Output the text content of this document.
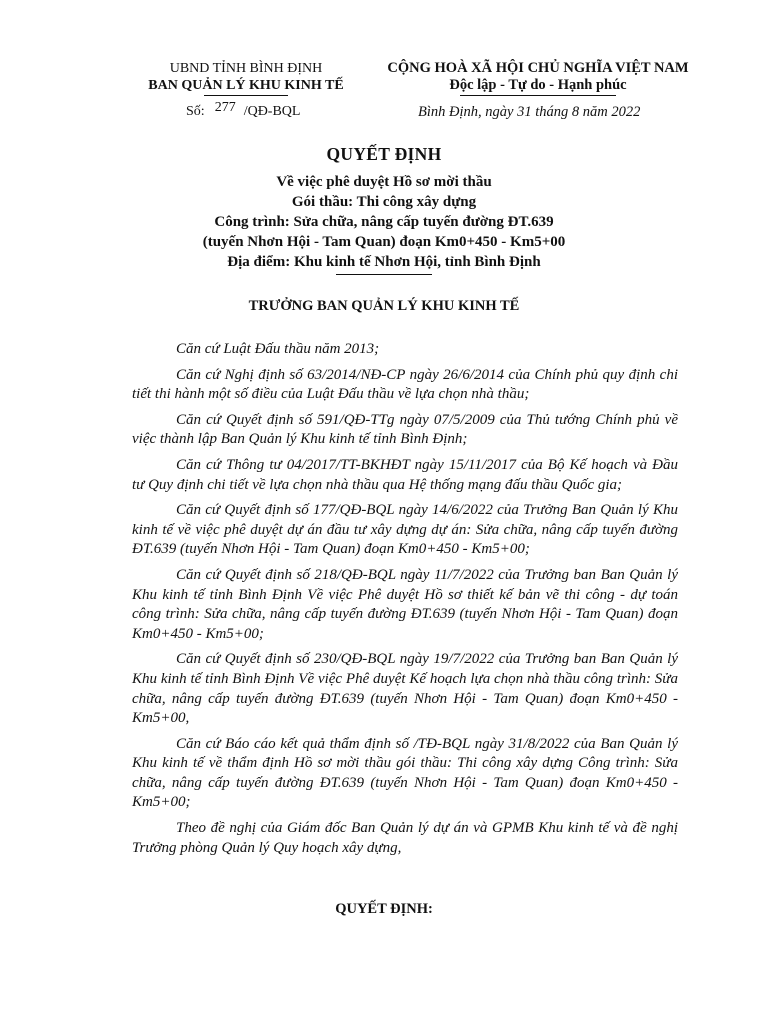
UBND TỈNH BÌNH ĐỊNH
BAN QUẢN LÝ KHU KINH TẾ
CỘNG HOÀ XÃ HỘI CHỦ NGHĨA VIỆT NAM
Độc lập - Tự do - Hạnh phúc
Số: 277 /QĐ-BQL	Bình Định, ngày 31 tháng 8 năm 2022
QUYẾT ĐỊNH
Về việc phê duyệt Hồ sơ mời thầu
Gói thầu: Thi công xây dựng
Công trình: Sửa chữa, nâng cấp tuyến đường ĐT.639
(tuyến Nhơn Hội - Tam Quan) đoạn Km0+450 - Km5+00
Địa điểm: Khu kinh tế Nhơn Hội, tỉnh Bình Định
TRƯỞNG BAN QUẢN LÝ KHU KINH TẾ

Căn cứ Luật Đấu thầu năm 2013;

Căn cứ Nghị định số 63/2014/NĐ-CP ngày 26/6/2014 của Chính phủ quy định chi tiết thi hành một số điều của Luật Đấu thầu về lựa chọn nhà thầu;

Căn cứ Quyết định số 591/QĐ-TTg ngày 07/5/2009 của Thủ tướng Chính phủ về việc thành lập Ban Quản lý Khu kinh tế tỉnh Bình Định;

Căn cứ Thông tư 04/2017/TT-BKHĐT ngày 15/11/2017 của Bộ Kế hoạch và Đầu tư Quy định chi tiết về lựa chọn nhà thầu qua Hệ thống mạng đấu thầu Quốc gia;

Căn cứ Quyết định số 177/QĐ-BQL ngày 14/6/2022 của Trưởng Ban Quản lý Khu kinh tế về việc phê duyệt dự án đầu tư xây dựng dự án: Sửa chữa, nâng cấp tuyến đường ĐT.639 (tuyến Nhơn Hội - Tam Quan) đoạn Km0+450 - Km5+00;

Căn cứ Quyết định số 218/QĐ-BQL ngày 11/7/2022 của Trưởng ban Ban Quản lý Khu kinh tế tỉnh Bình Định Về việc Phê duyệt Hồ sơ thiết kế bản vẽ thi công - dự toán công trình: Sửa chữa, nâng cấp tuyến đường ĐT.639 (tuyến Nhơn Hội - Tam Quan) đoạn Km0+450 - Km5+00;

Căn cứ Quyết định số 230/QĐ-BQL ngày 19/7/2022 của Trưởng ban Ban Quản lý Khu kinh tế tỉnh Bình Định Về việc Phê duyệt Kế hoạch lựa chọn nhà thầu công trình: Sửa chữa, nâng cấp tuyến đường ĐT.639 (tuyến Nhơn Hội - Tam Quan) đoạn Km0+450 - Km5+00,

Căn cứ Báo cáo kết quả thẩm định số /TĐ-BQL ngày 31/8/2022 của Ban Quản lý Khu kinh tế về thẩm định Hồ sơ mời thầu gói thầu: Thi công xây dựng Công trình: Sửa chữa, nâng cấp tuyến đường ĐT.639 (tuyến Nhơn Hội - Tam Quan) đoạn Km0+450 - Km5+00;

Theo đề nghị của Giám đốc Ban Quản lý dự án và GPMB Khu kinh tế và đề nghị Trưởng phòng Quản lý Quy hoạch xây dựng,

QUYẾT ĐỊNH:
